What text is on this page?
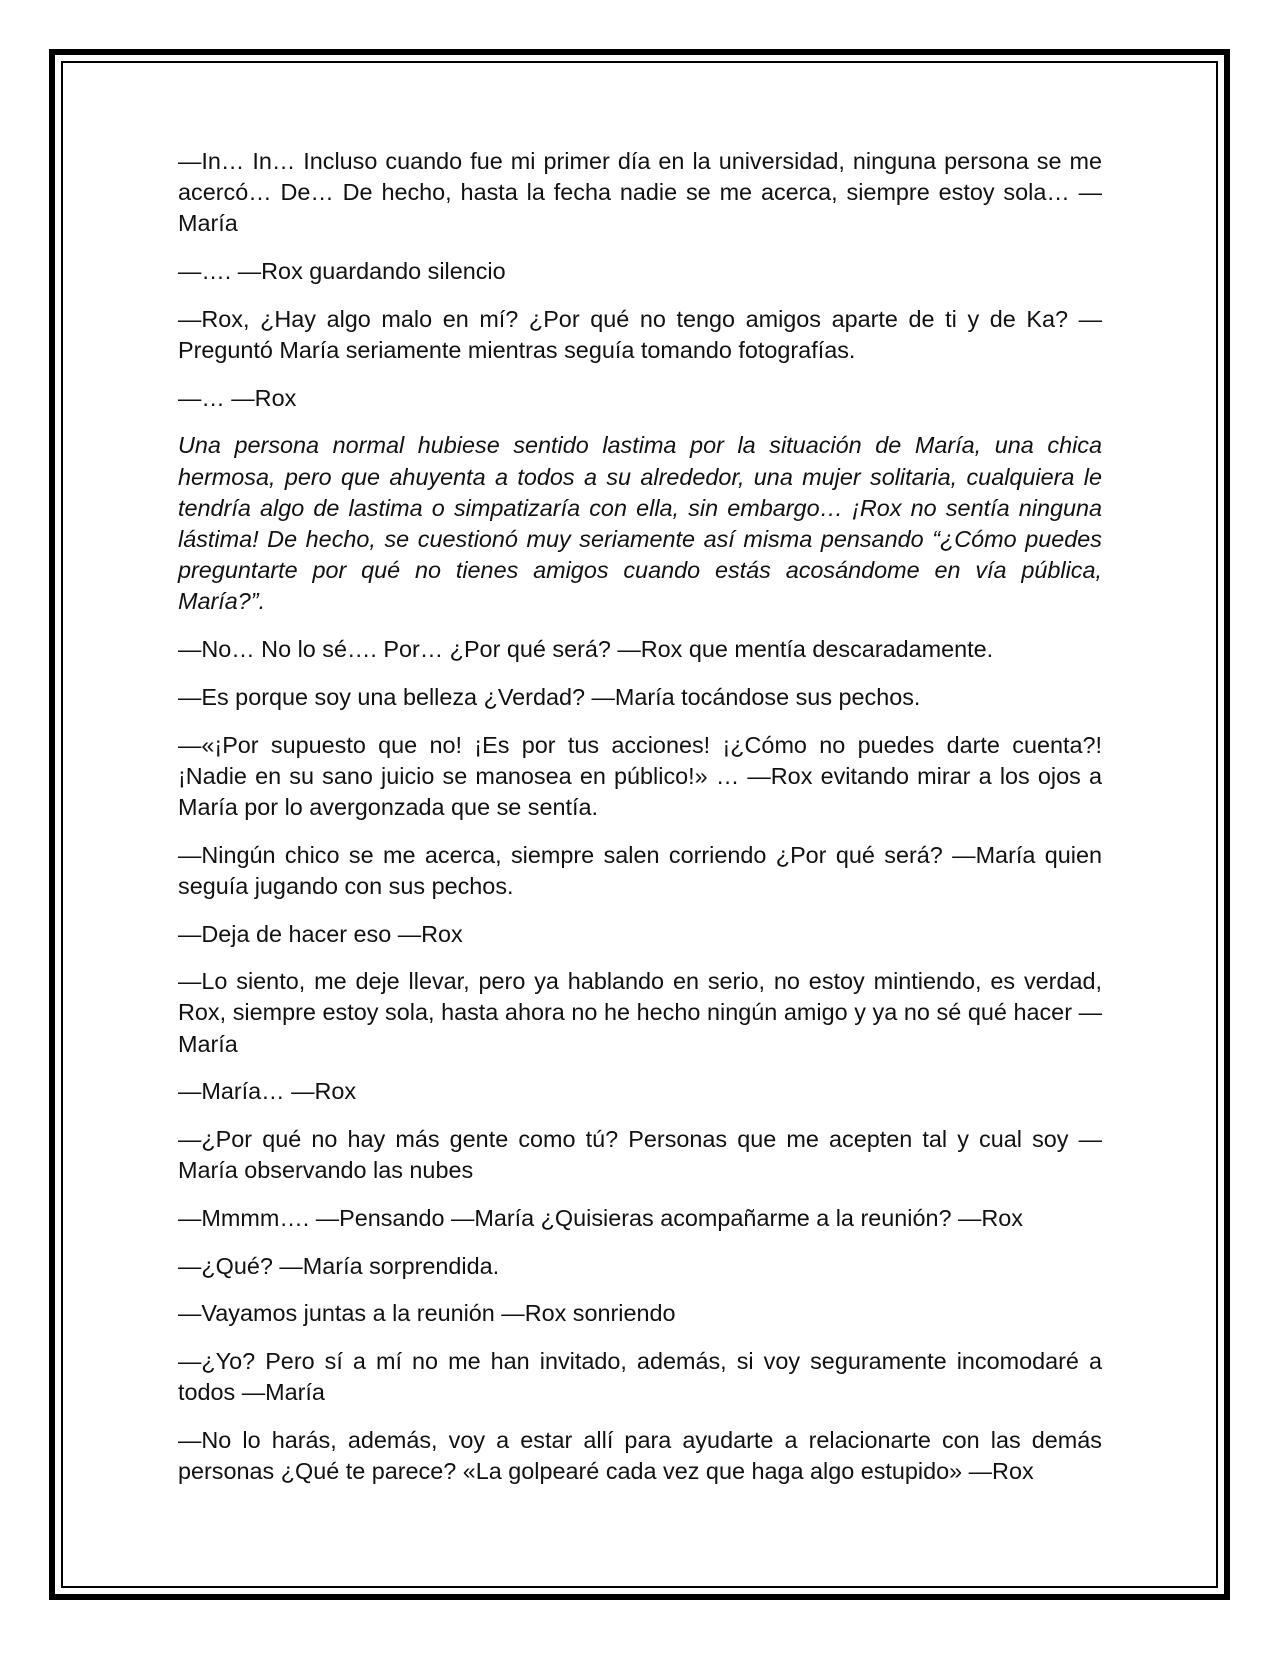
—In… In… Incluso cuando fue mi primer día en la universidad, ninguna persona se me acercó… De… De hecho, hasta la fecha nadie se me acerca, siempre estoy sola… —María

—…. —Rox guardando silencio

—Rox, ¿Hay algo malo en mí? ¿Por qué no tengo amigos aparte de ti y de Ka? —Preguntó María seriamente mientras seguía tomando fotografías.

—… —Rox

Una persona normal hubiese sentido lastima por la situación de María, una chica hermosa, pero que ahuyenta a todos a su alrededor, una mujer solitaria, cualquiera le tendría algo de lastima o simpatizaría con ella, sin embargo… ¡Rox no sentía ninguna lástima! De hecho, se cuestionó muy seriamente así misma pensando “¿Cómo puedes preguntarte por qué no tienes amigos cuando estás acosándome en vía pública, María?”.

—No… No lo sé…. Por… ¿Por qué será? —Rox que mentía descaradamente.

—Es porque soy una belleza ¿Verdad? —María tocándose sus pechos.

—«¡Por supuesto que no! ¡Es por tus acciones! ¡¿Cómo no puedes darte cuenta?! ¡Nadie en su sano juicio se manosea en público!» … —Rox evitando mirar a los ojos a María por lo avergonzada que se sentía.

—Ningún chico se me acerca, siempre salen corriendo ¿Por qué será? —María quien seguía jugando con sus pechos.

—Deja de hacer eso —Rox

—Lo siento, me deje llevar, pero ya hablando en serio, no estoy mintiendo, es verdad, Rox, siempre estoy sola, hasta ahora no he hecho ningún amigo y ya no sé qué hacer —María

—María… —Rox

—¿Por qué no hay más gente como tú? Personas que me acepten tal y cual soy —María observando las nubes

—Mmmm…. —Pensando —María ¿Quisieras acompañarme a la reunión? —Rox

—¿Qué? —María sorprendida.

—Vayamos juntas a la reunión —Rox sonriendo

—¿Yo? Pero sí a mí no me han invitado, además, si voy seguramente incomodaré a todos —María

—No lo harás, además, voy a estar allí para ayudarte a relacionarte con las demás personas ¿Qué te parece? «La golpearé cada vez que haga algo estupido» —Rox
